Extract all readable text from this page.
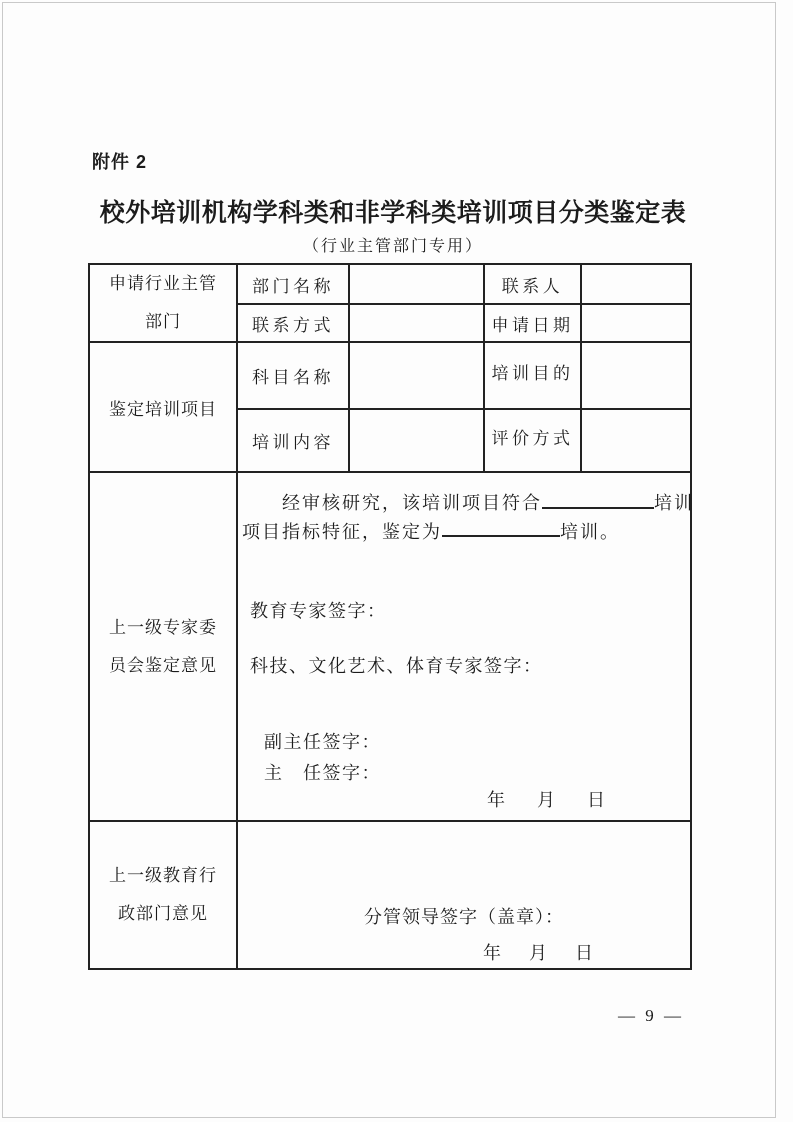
附件 2
校外培训机构学科类和非学科类培训项目分类鉴定表
（行业主管部门专用）
申请行业主管部门	部门名称		联系人	
	联系方式		申请日期	

鉴定培训项目	科目名称		培训目的	

	培训内容		评价方式	

上一级专家委员会鉴定意见

经审核研究，该培训项目符合	培训
项目指标特征，鉴定为	培训。
教育专家签字：
科技、文化艺术、体育专家签字：
副主任签字：
主　任签字：
年　月　日

上一级教育行政部门意见	分管领导签字（盖章）：
年　月　日			
— 9 —
